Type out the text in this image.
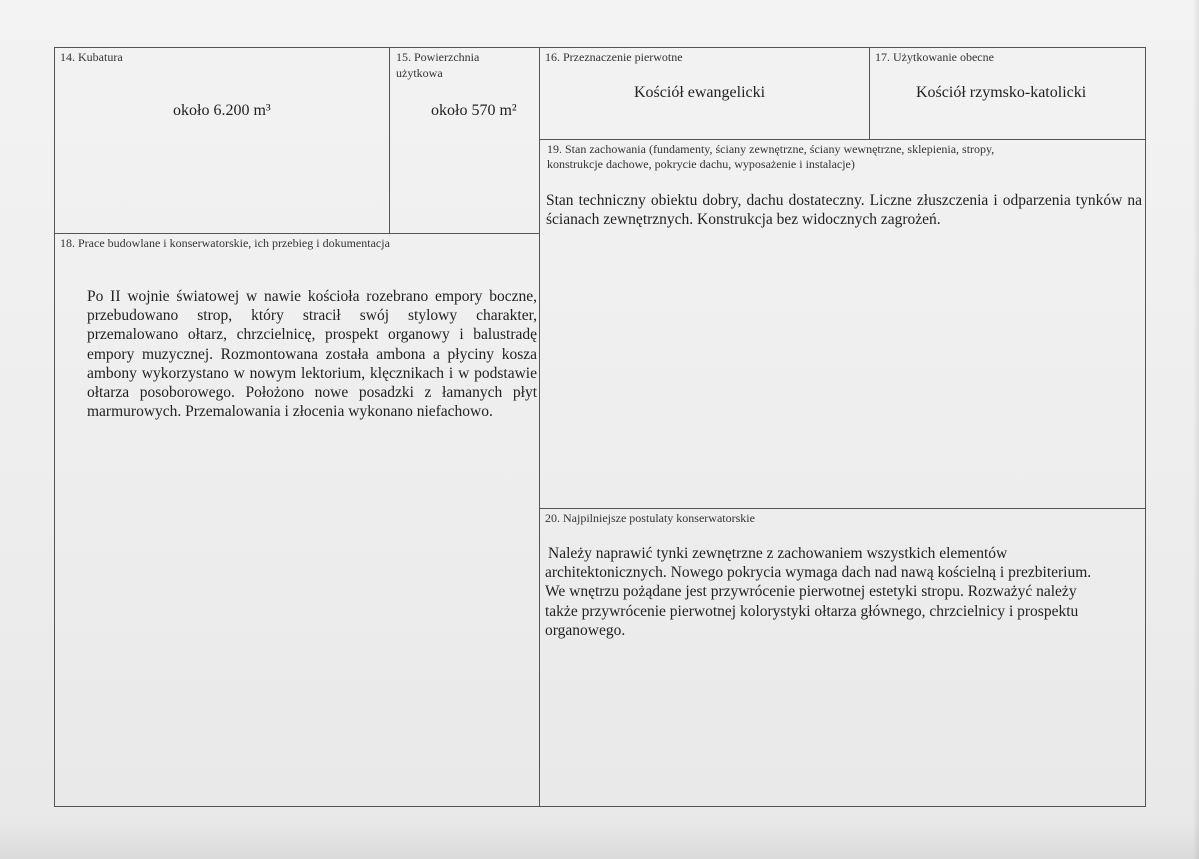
14. Kubatura
około 6.200 m³
15. Powierzchnia
użytkowa
około 570 m²
16. Przeznaczenie pierwotne
Kościół ewangelicki
17. Użytkowanie obecne
Kościół rzymsko-katolicki
19. Stan zachowania (fundamenty, ściany zewnętrzne, ściany wewnętrzne, sklepienia, stropy,
konstrukcje dachowe, pokrycie dachu, wyposażenie i instalacje)
Stan techniczny obiektu dobry, dachu dostateczny. Liczne złuszczenia i odparzenia tynków na ścianach zewnętrznych. Konstrukcja bez widocznych zagrożeń.
18. Prace budowlane i konserwatorskie, ich przebieg i dokumentacja
Po II wojnie światowej w nawie kościoła rozebrano empory boczne, przebudowano strop, który stracił swój stylowy charakter, przemalowano ołtarz, chrzcielnicę, prospekt organowy i balustradę empory muzycznej. Rozmontowana została ambona a płyciny kosza ambony wykorzystano w nowym lektorium, klęcznikach i w podstawie ołtarza posoborowego. Położono nowe posadzki z łamanych płyt marmurowych. Przemalowania i złocenia wykonano niefachowo.
20. Najpilniejsze postulaty konserwatorskie
Należy naprawić tynki zewnętrzne z zachowaniem wszystkich elementów architektonicznych. Nowego pokrycia wymaga dach nad nawą kościelną i prezbiterium. We wnętrzu pożądane jest przywrócenie pierwotnej estetyki stropu. Rozważyć należy także przywrócenie pierwotnej kolorystyki ołtarza głównego, chrzcielnicy i prospektu organowego.
